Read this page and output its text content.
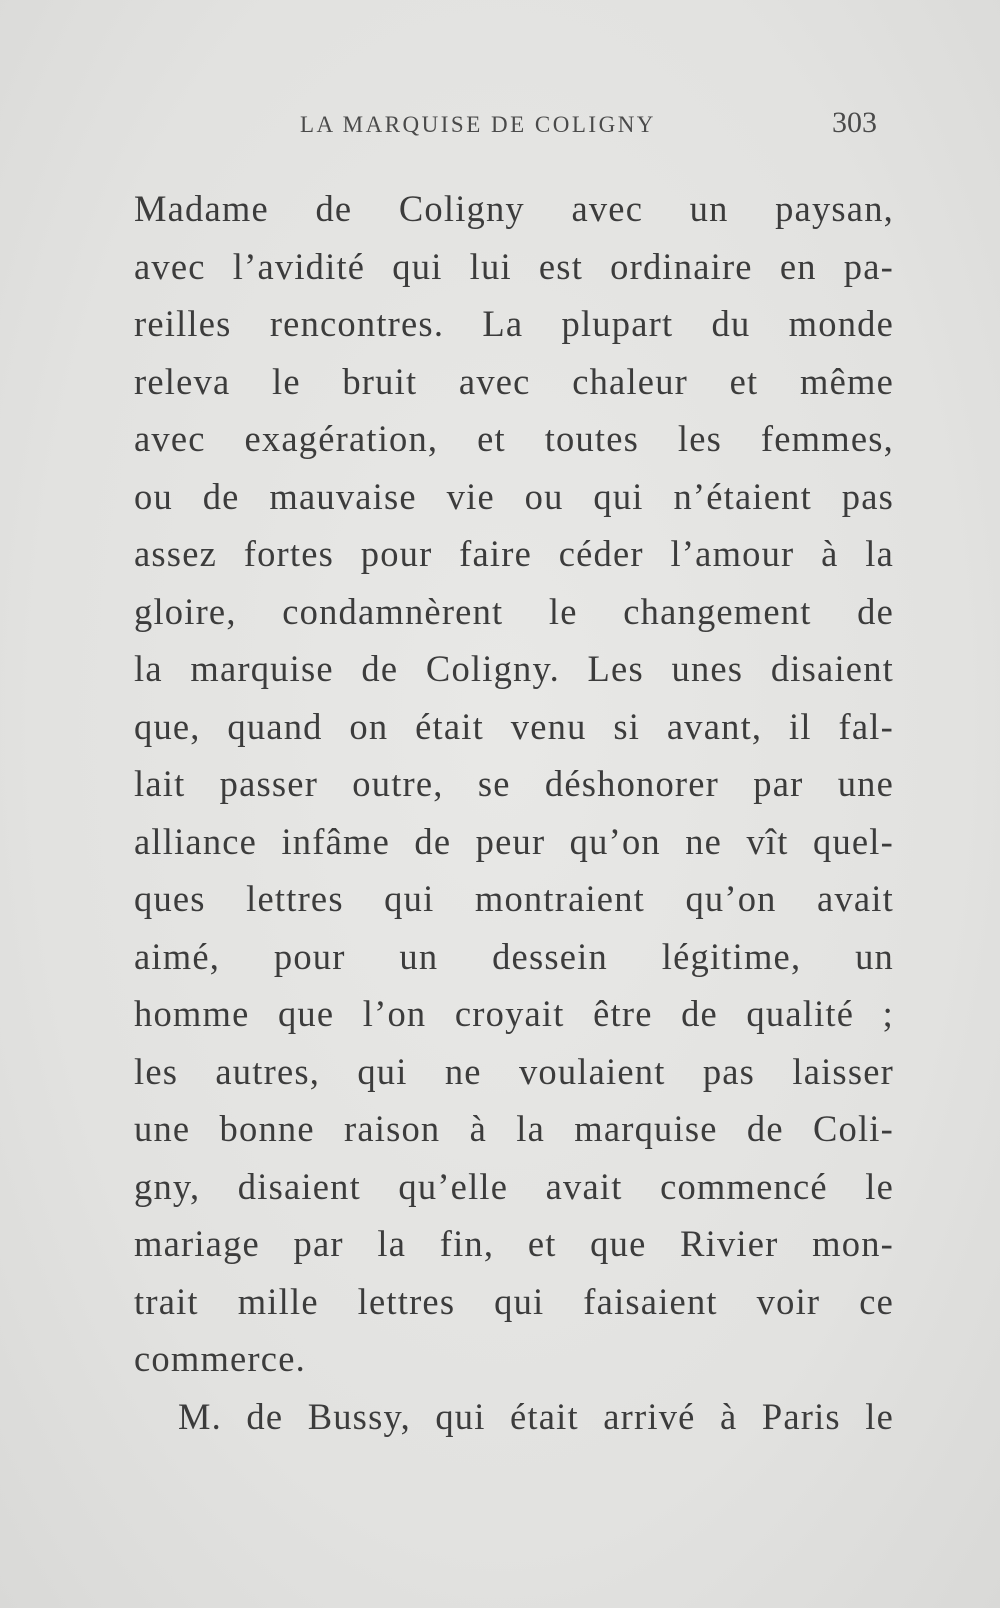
LA MARQUISE DE COLIGNY	303
Madame de Coligny avec un paysan,
avec l’avidité qui lui est ordinaire en pa-
reilles rencontres. La plupart du monde
releva le bruit avec chaleur et même
avec exagération, et toutes les femmes,
ou de mauvaise vie ou qui n’étaient pas
assez fortes pour faire céder l’amour à la
gloire, condamnèrent le changement de
la marquise de Coligny. Les unes disaient
que, quand on était venu si avant, il fal-
lait passer outre, se déshonorer par une
alliance infâme de peur qu’on ne vît quel-
ques lettres qui montraient qu’on avait
aimé, pour un dessein légitime, un
homme que l’on croyait être de qualité ;
les autres, qui ne voulaient pas laisser
une bonne raison à la marquise de Coli-
gny, disaient qu’elle avait commencé le
mariage par la fin, et que Rivier mon-
trait mille lettres qui faisaient voir ce
commerce.
M. de Bussy, qui était arrivé à Paris le
